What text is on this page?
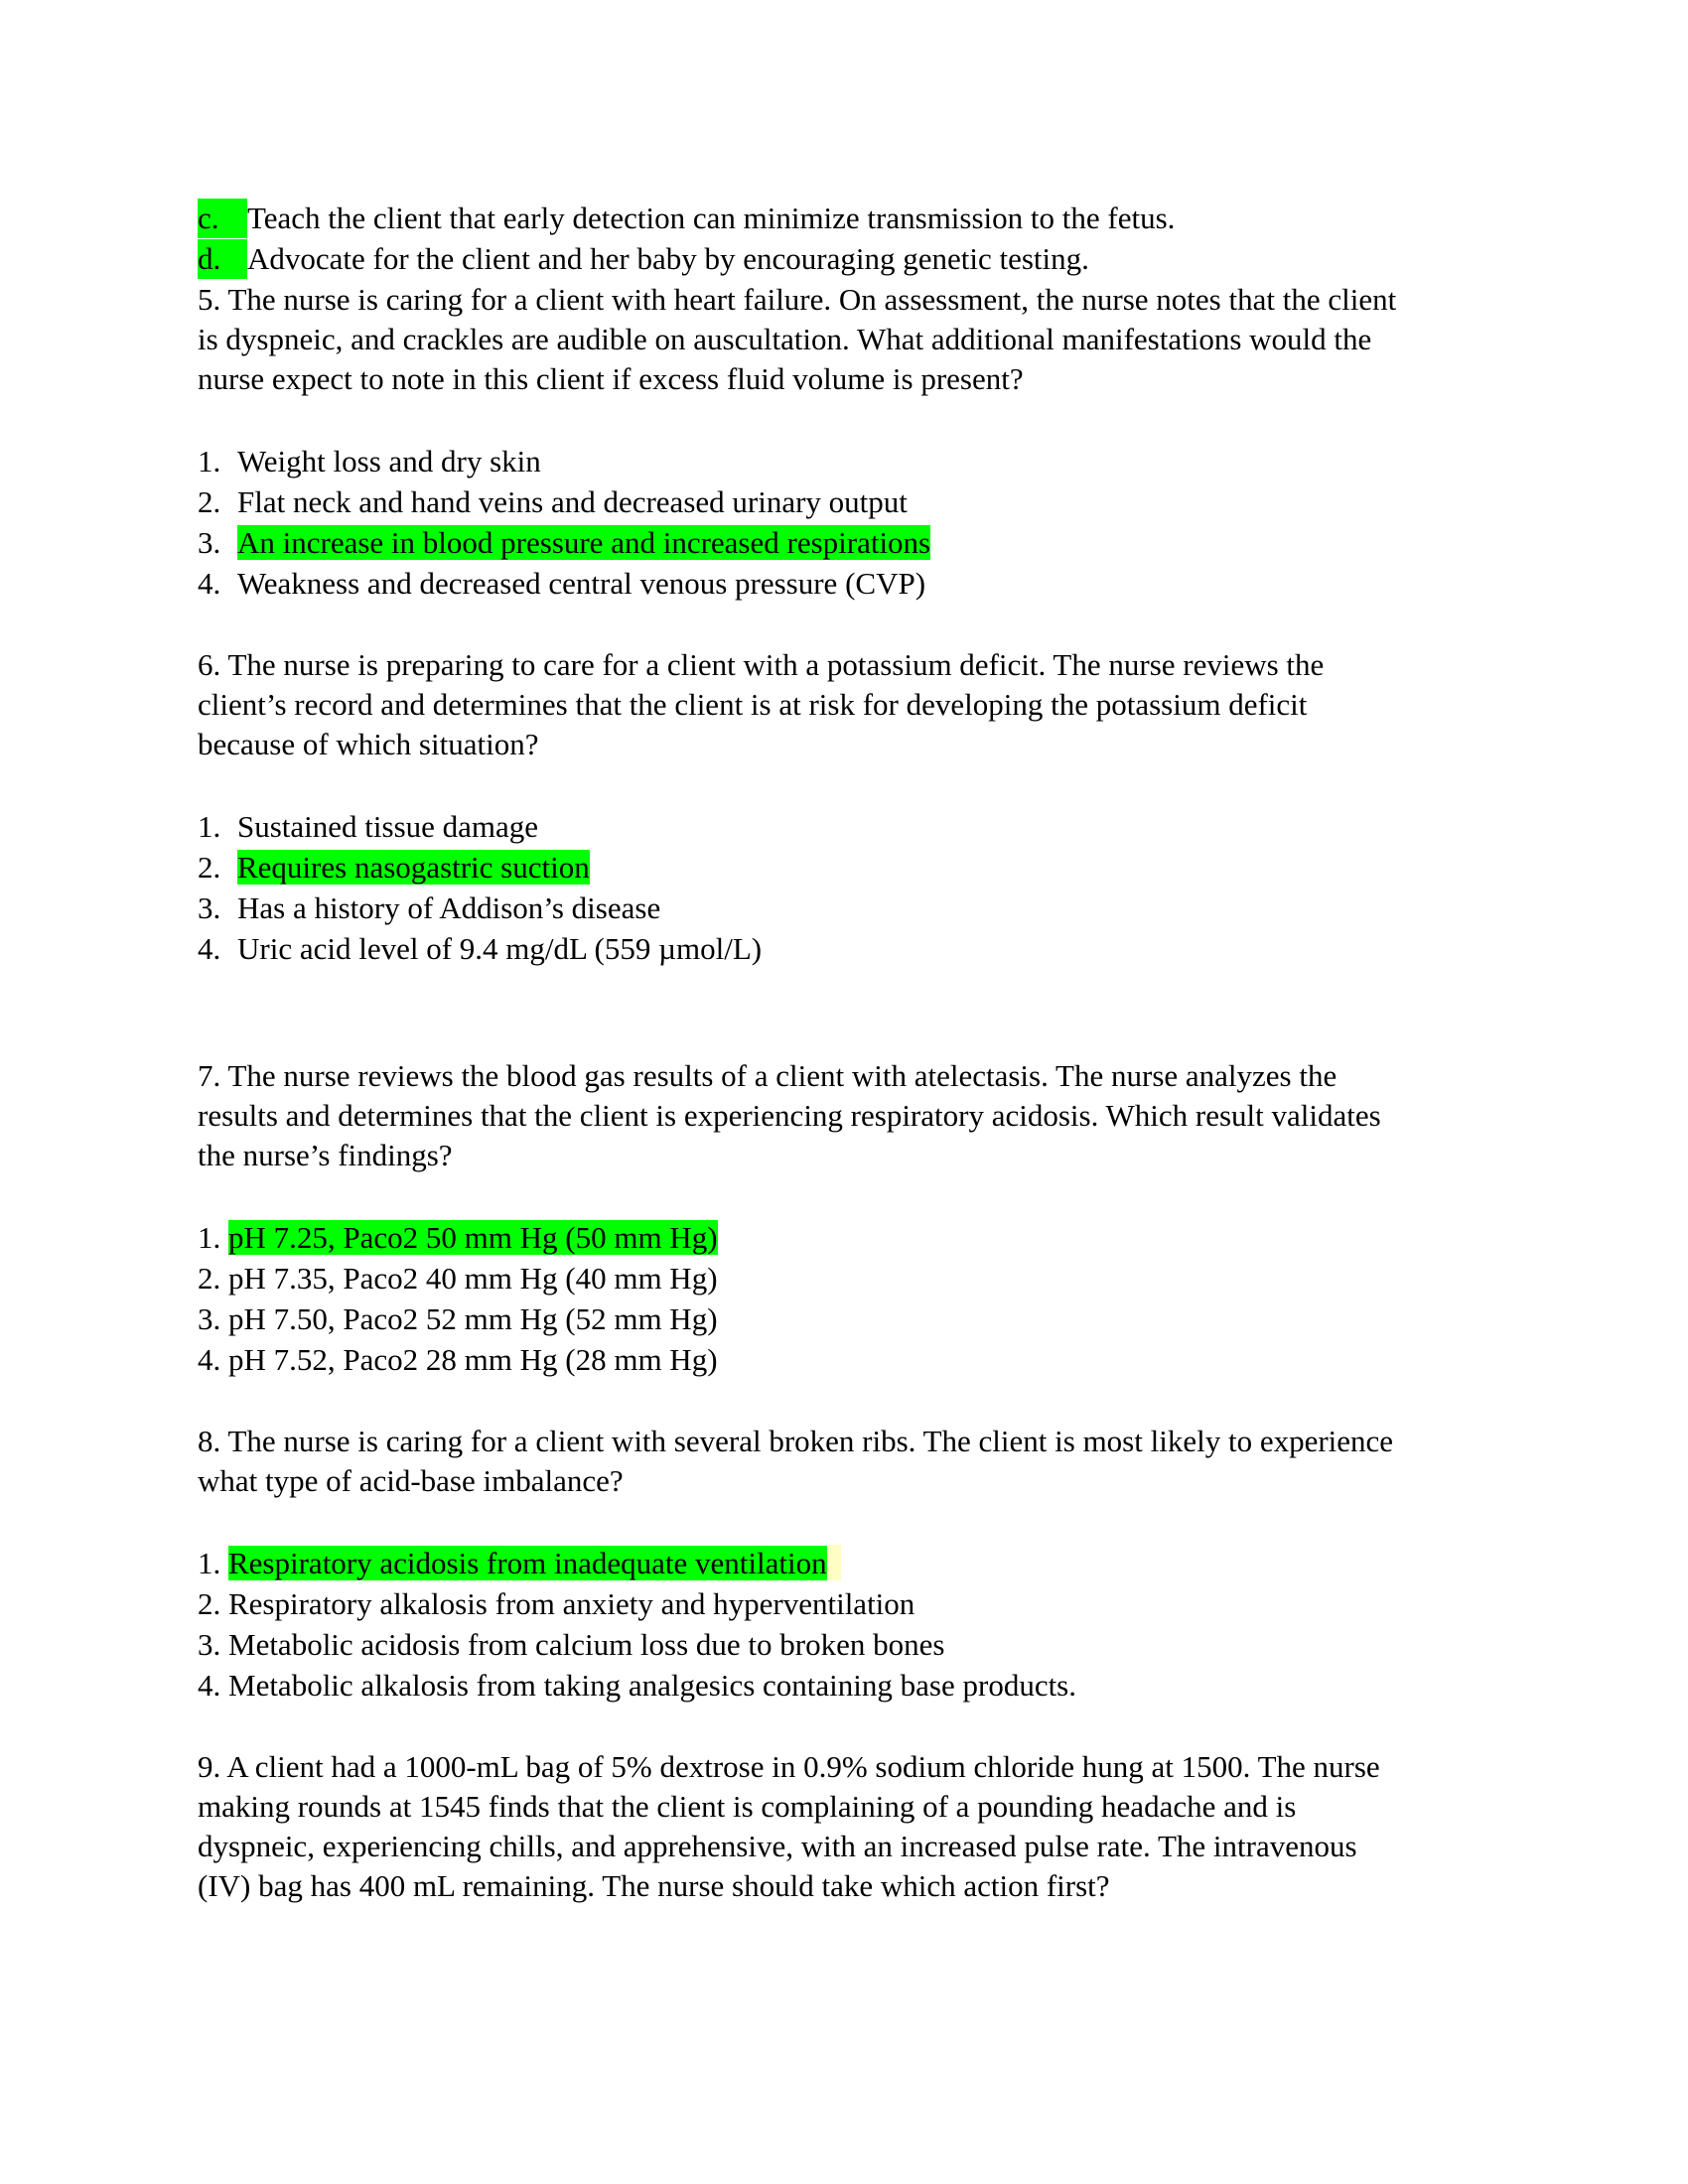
c. Teach the client that early detection can minimize transmission to the fetus.
d. Advocate for the client and her baby by encouraging genetic testing.
5. The nurse is caring for a client with heart failure. On assessment, the nurse notes that the client
is dyspneic, and crackles are audible on auscultation. What additional manifestations would the
nurse expect to note in this client if excess fluid volume is present?
1. Weight loss and dry skin
2. Flat neck and hand veins and decreased urinary output
3. An increase in blood pressure and increased respirations
4. Weakness and decreased central venous pressure (CVP)
6. The nurse is preparing to care for a client with a potassium deficit. The nurse reviews the
client’s record and determines that the client is at risk for developing the potassium deficit
because of which situation?
1. Sustained tissue damage
2. Requires nasogastric suction
3. Has a history of Addison’s disease
4. Uric acid level of 9.4 mg/dL (559 µmol/L)
7. The nurse reviews the blood gas results of a client with atelectasis. The nurse analyzes the
results and determines that the client is experiencing respiratory acidosis. Which result validates
the nurse’s findings?
1. pH 7.25, Paco2 50 mm Hg (50 mm Hg)
2. pH 7.35, Paco2 40 mm Hg (40 mm Hg)
3. pH 7.50, Paco2 52 mm Hg (52 mm Hg)
4. pH 7.52, Paco2 28 mm Hg (28 mm Hg)
8. The nurse is caring for a client with several broken ribs. The client is most likely to experience
what type of acid-base imbalance?
1. Respiratory acidosis from inadequate ventilation
2. Respiratory alkalosis from anxiety and hyperventilation
3. Metabolic acidosis from calcium loss due to broken bones
4. Metabolic alkalosis from taking analgesics containing base products.
9. A client had a 1000-mL bag of 5% dextrose in 0.9% sodium chloride hung at 1500. The nurse
making rounds at 1545 finds that the client is complaining of a pounding headache and is
dyspneic, experiencing chills, and apprehensive, with an increased pulse rate. The intravenous
(IV) bag has 400 mL remaining. The nurse should take which action first?
